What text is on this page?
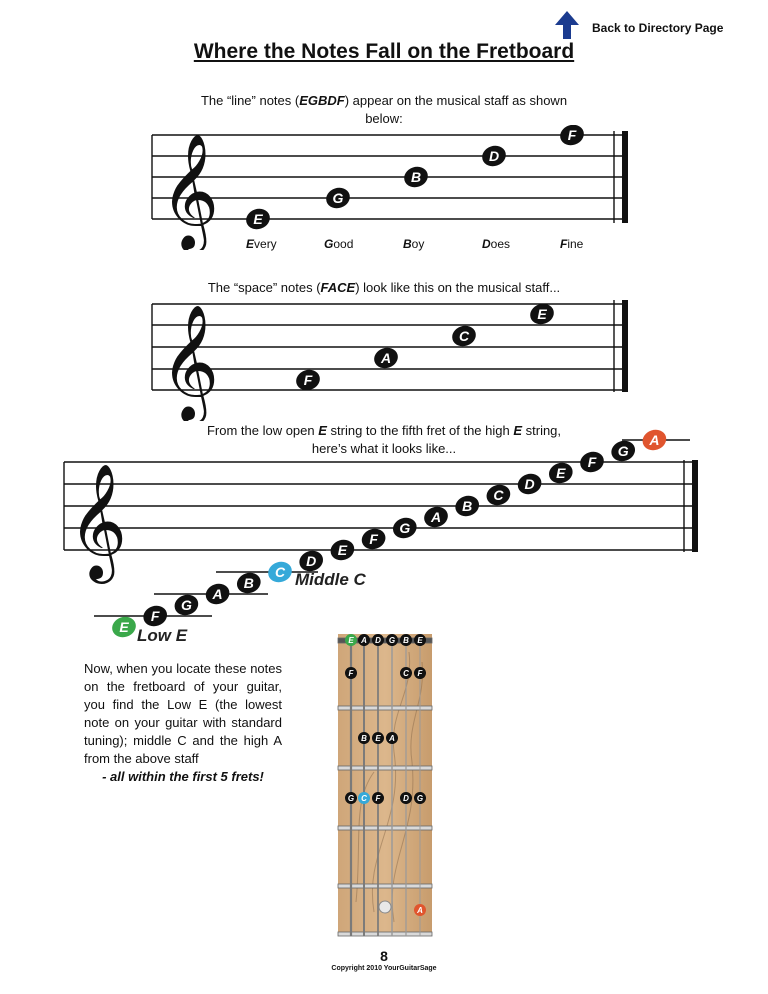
Back to Directory Page
Where the Notes Fall on the Fretboard
The “line” notes (EGBDF) appear on the musical staff as shown below:
𝄞 E
G
B
D
F
Every	Good	Boy	Does	Fine
The “space” notes (FACE) look like this on the musical staff...
𝄞	F
A
C
E
From the low open E string to the fifth fret of the high E string,
here’s what it looks like...
𝄞
E
F
G
A
B
C
D
E
F
G
A
B
C
D
E
F
G
A
Low E
Middle C
Now, when you locate these notes on the fretboard of your guitar, you find the Low E (the lowest note on your guitar with standard tuning); middle C and the high A from the above staff
- all within the first 5 frets!
E A D G B E
F	C F
B E A
G C F	D G
A
8
Copyright 2010 YourGuitarSage
